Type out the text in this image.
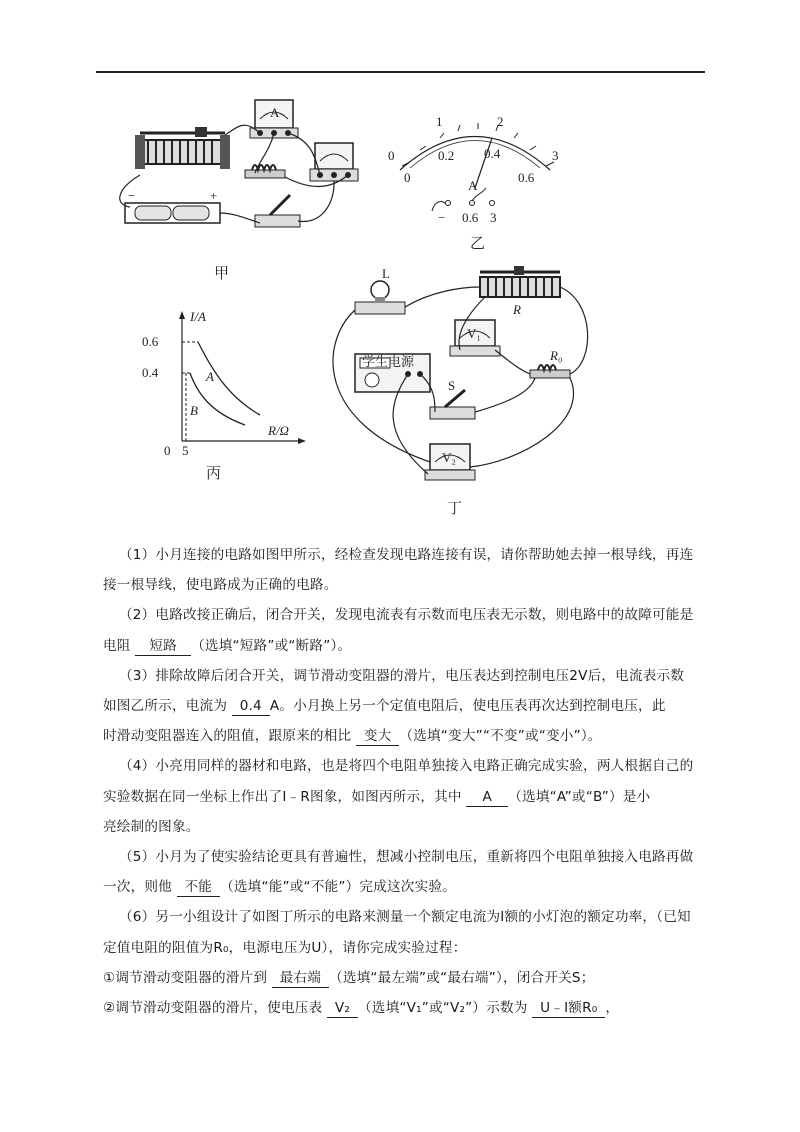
A
−	+
甲
0
1	2
3
0
0.2 0.4
0.6
A
− 0.6 3
乙
I/A
R/Ω
0.6
0.4
0 5
A
B
丙
L
R
V₁
学生电源	R₀
S
V₂
丁
（1）小月连接的电路如图甲所示，经检查发现电路连接有误，请你帮助她去掉一根导线，再连
接一根导线，使电路成为正确的电路。
（2）电路改接正确后，闭合开关，发现电流表有示数而电压表无示数，则电路中的故障可能是
电阻 短路 （选填“短路”或“断路”）。
（3）排除故障后闭合开关，调节滑动变阻器的滑片，电压表达到控制电压2V后，电流表示数
如图乙所示，电流为 0.4 A。小月换上另一个定值电阻后，使电压表再次达到控制电压，此
时滑动变阻器连入的阻值，跟原来的相比 变大 （选填“变大”“不变”或“变小”）。
（4）小亮用同样的器材和电路，也是将四个电阻单独接入电路正确完成实验，两人根据自己的
实验数据在同一坐标上作出了I﹣R图象，如图丙所示，其中 A （选填“A”或“B”）是小
亮绘制的图象。
（5）小月为了使实验结论更具有普遍性，想减小控制电压，重新将四个电阻单独接入电路再做
一次，则他 不能 （选填“能”或“不能”）完成这次实验。
（6）另一小组设计了如图丁所示的电路来测量一个额定电流为I额的小灯泡的额定功率，（已知
定值电阻的阻值为R₀，电源电压为U），请你完成实验过程：
①调节滑动变阻器的滑片到 最右端 （选填“最左端”或“最右端”），闭合开关S；
②调节滑动变阻器的滑片，使电压表 V₂ （选填“V₁”或“V₂”）示数为 U﹣I额R₀ ，
